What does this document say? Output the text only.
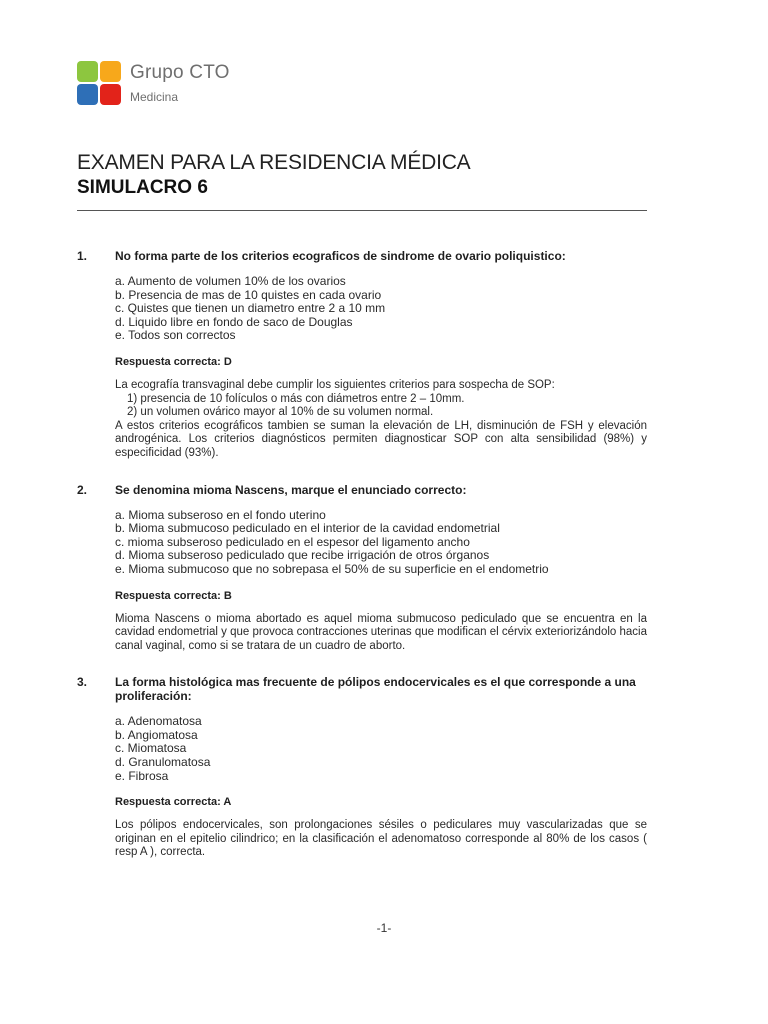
Grupo CTO
Medicina
EXAMEN PARA LA RESIDENCIA MÉDICA
SIMULACRO 6
1.	No forma parte de los criterios ecograficos de sindrome de ovario poliquistico:
a. Aumento de volumen 10% de los ovarios
b. Presencia de mas de 10 quistes en cada ovario
c. Quistes que tienen un diametro entre 2 a 10 mm
d. Liquido libre en fondo de saco de Douglas
e. Todos son correctos
Respuesta correcta: D

La ecografía transvaginal debe cumplir los siguientes criterios para sospecha de SOP:

1) presencia de 10 folículos o más con diámetros entre 2 – 10mm.

2) un volumen ovárico mayor al 10% de su volumen normal.

A estos criterios ecográficos tambien se suman la elevación de LH, disminución de FSH y elevación androgénica. Los criterios diagnósticos permiten diagnosticar SOP con alta sensibilidad (98%) y especificidad (93%).

2.	Se denomina mioma Nascens, marque el enunciado correcto:
a. Mioma subseroso en el fondo uterino
b. Mioma submucoso pediculado en el interior de la cavidad endometrial
c. mioma subseroso pediculado en el espesor del ligamento ancho
d. Mioma subseroso pediculado que recibe irrigación de otros órganos
e. Mioma submucoso que no sobrepasa el 50% de su superficie en el endometrio
Respuesta correcta: B

Mioma Nascens o mioma abortado es aquel mioma submucoso pediculado que se encuentra en la cavidad endometrial y que provoca contracciones uterinas que modifican el cérvix exteriorizándolo hacia canal vaginal, como si se tratara de un cuadro de aborto.

3.	La forma histológica mas frecuente de pólipos endocervicales es el que corresponde a una proliferación:
a. Adenomatosa
b. Angiomatosa
c. Miomatosa
d. Granulomatosa
e. Fibrosa
Respuesta correcta: A

Los pólipos endocervicales, son prolongaciones sésiles o pediculares muy vascularizadas que se originan en el epitelio cilindrico; en la clasificación el adenomatoso corresponde al 80% de los casos ( resp A ), correcta.

-1-
